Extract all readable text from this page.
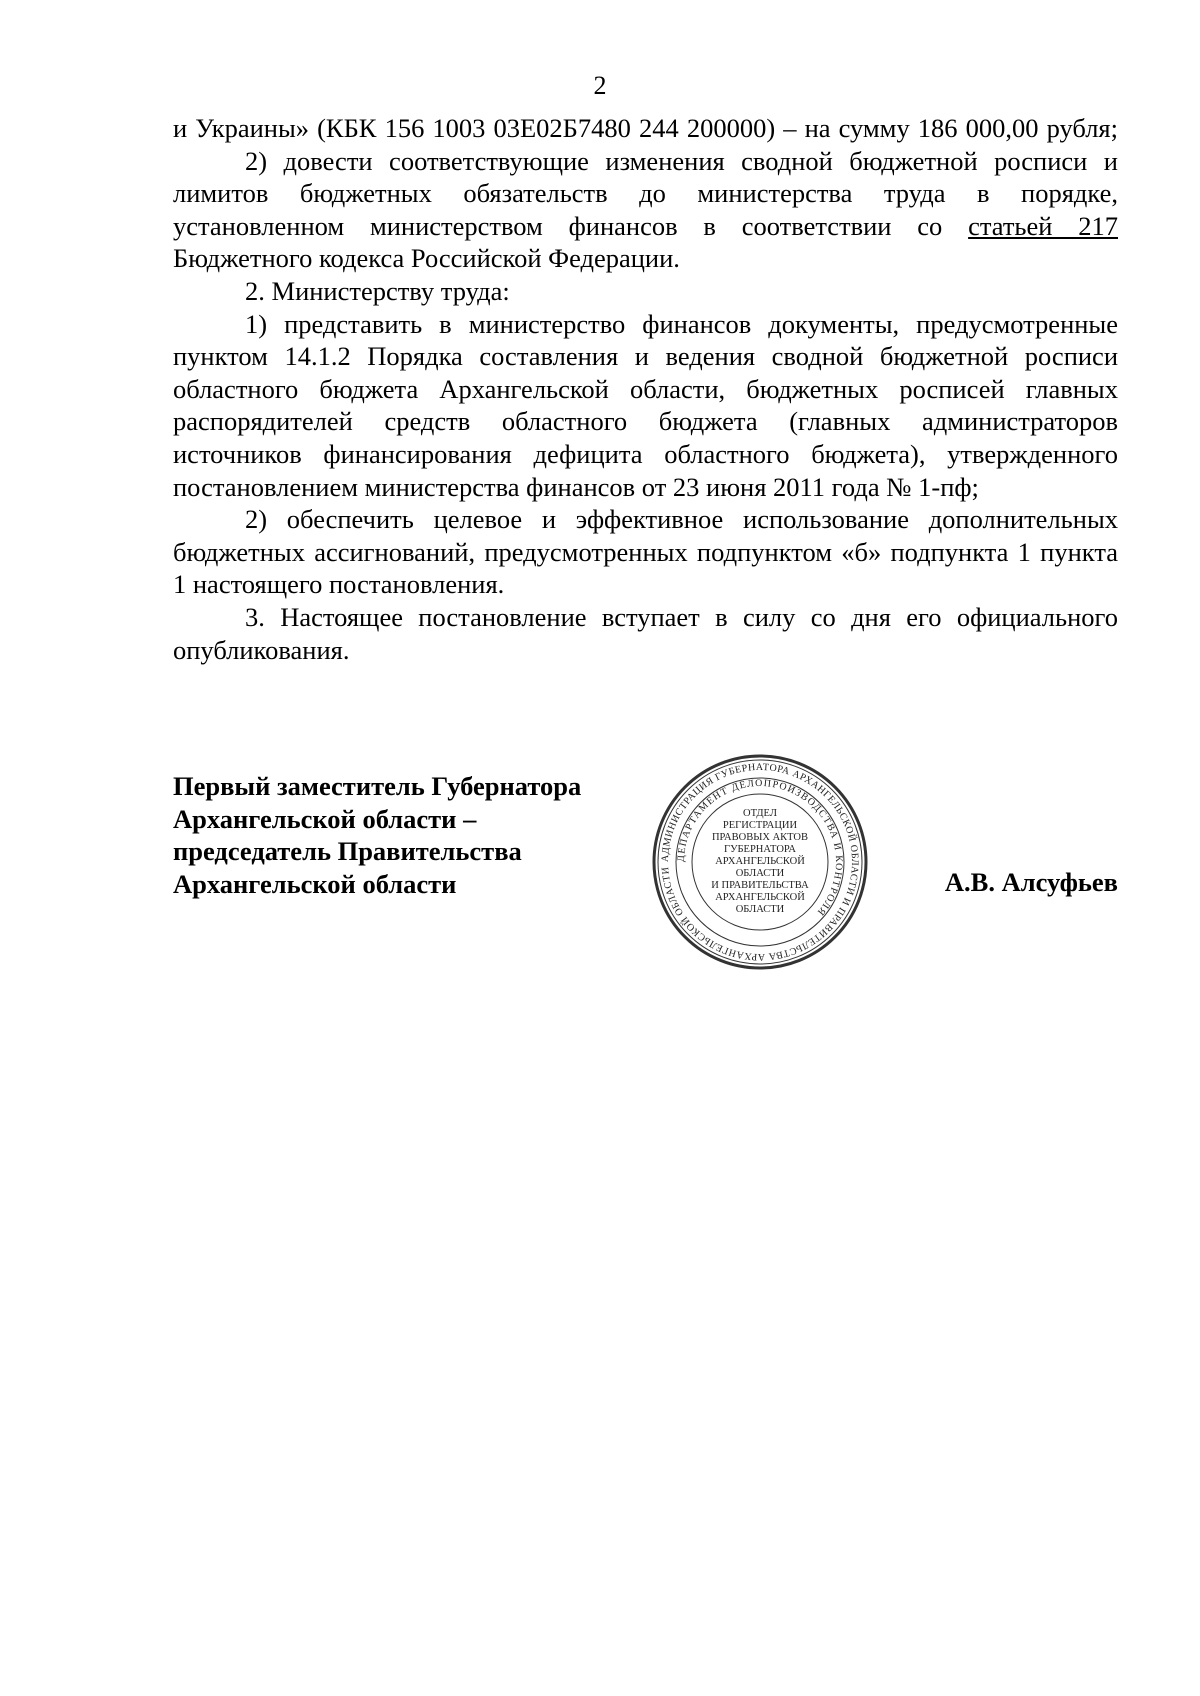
2

и Украины» (КБК 156 1003 03Е02Б7480 244 200000) – на сумму 186 000,00 рубля;

2) довести соответствующие изменения сводной бюджетной росписи и лимитов бюджетных обязательств до министерства труда в порядке, установленном министерством финансов в соответствии со статьей 217 Бюджетного кодекса Российской Федерации.

2. Министерству труда:

1) представить в министерство финансов документы, предусмотренные пунктом 14.1.2 Порядка составления и ведения сводной бюджетной росписи областного бюджета Архангельской области, бюджетных росписей главных распорядителей средств областного бюджета (главных администраторов источников финансирования дефицита областного бюджета), утвержденного постановлением министерства финансов от 23 июня 2011 года № 1-пф;

2) обеспечить целевое и эффективное использование дополнительных бюджетных ассигнований, предусмотренных подпунктом «б» подпункта 1 пункта 1 настоящего постановления.

3. Настоящее постановление вступает в силу со дня его официального опубликования.

Первый заместитель Губернатора
Архангельской области –
председатель Правительства
Архангельской области
АДМИНИСТРАЦИЯ ГУБЕРНАТОРА АРХАНГЕЛЬСКОЙ ОБЛАСТИ И ПРАВИТЕЛЬСТВА АРХАНГЕЛЬСКОЙ ОБЛАСТИ
ДЕПАРТАМЕНТ ДЕЛОПРОИЗВОДСТВА И КОНТРОЛЯ
ОТДЕЛ
РЕГИСТРАЦИИ
ПРАВОВЫХ АКТОВ
ГУБЕРНАТОРА
АРХАНГЕЛЬСКОЙ
ОБЛАСТИ
И ПРАВИТЕЛЬСТВА
АРХАНГЕЛЬСКОЙ
ОБЛАСТИ
А.В. Алсуфьев
